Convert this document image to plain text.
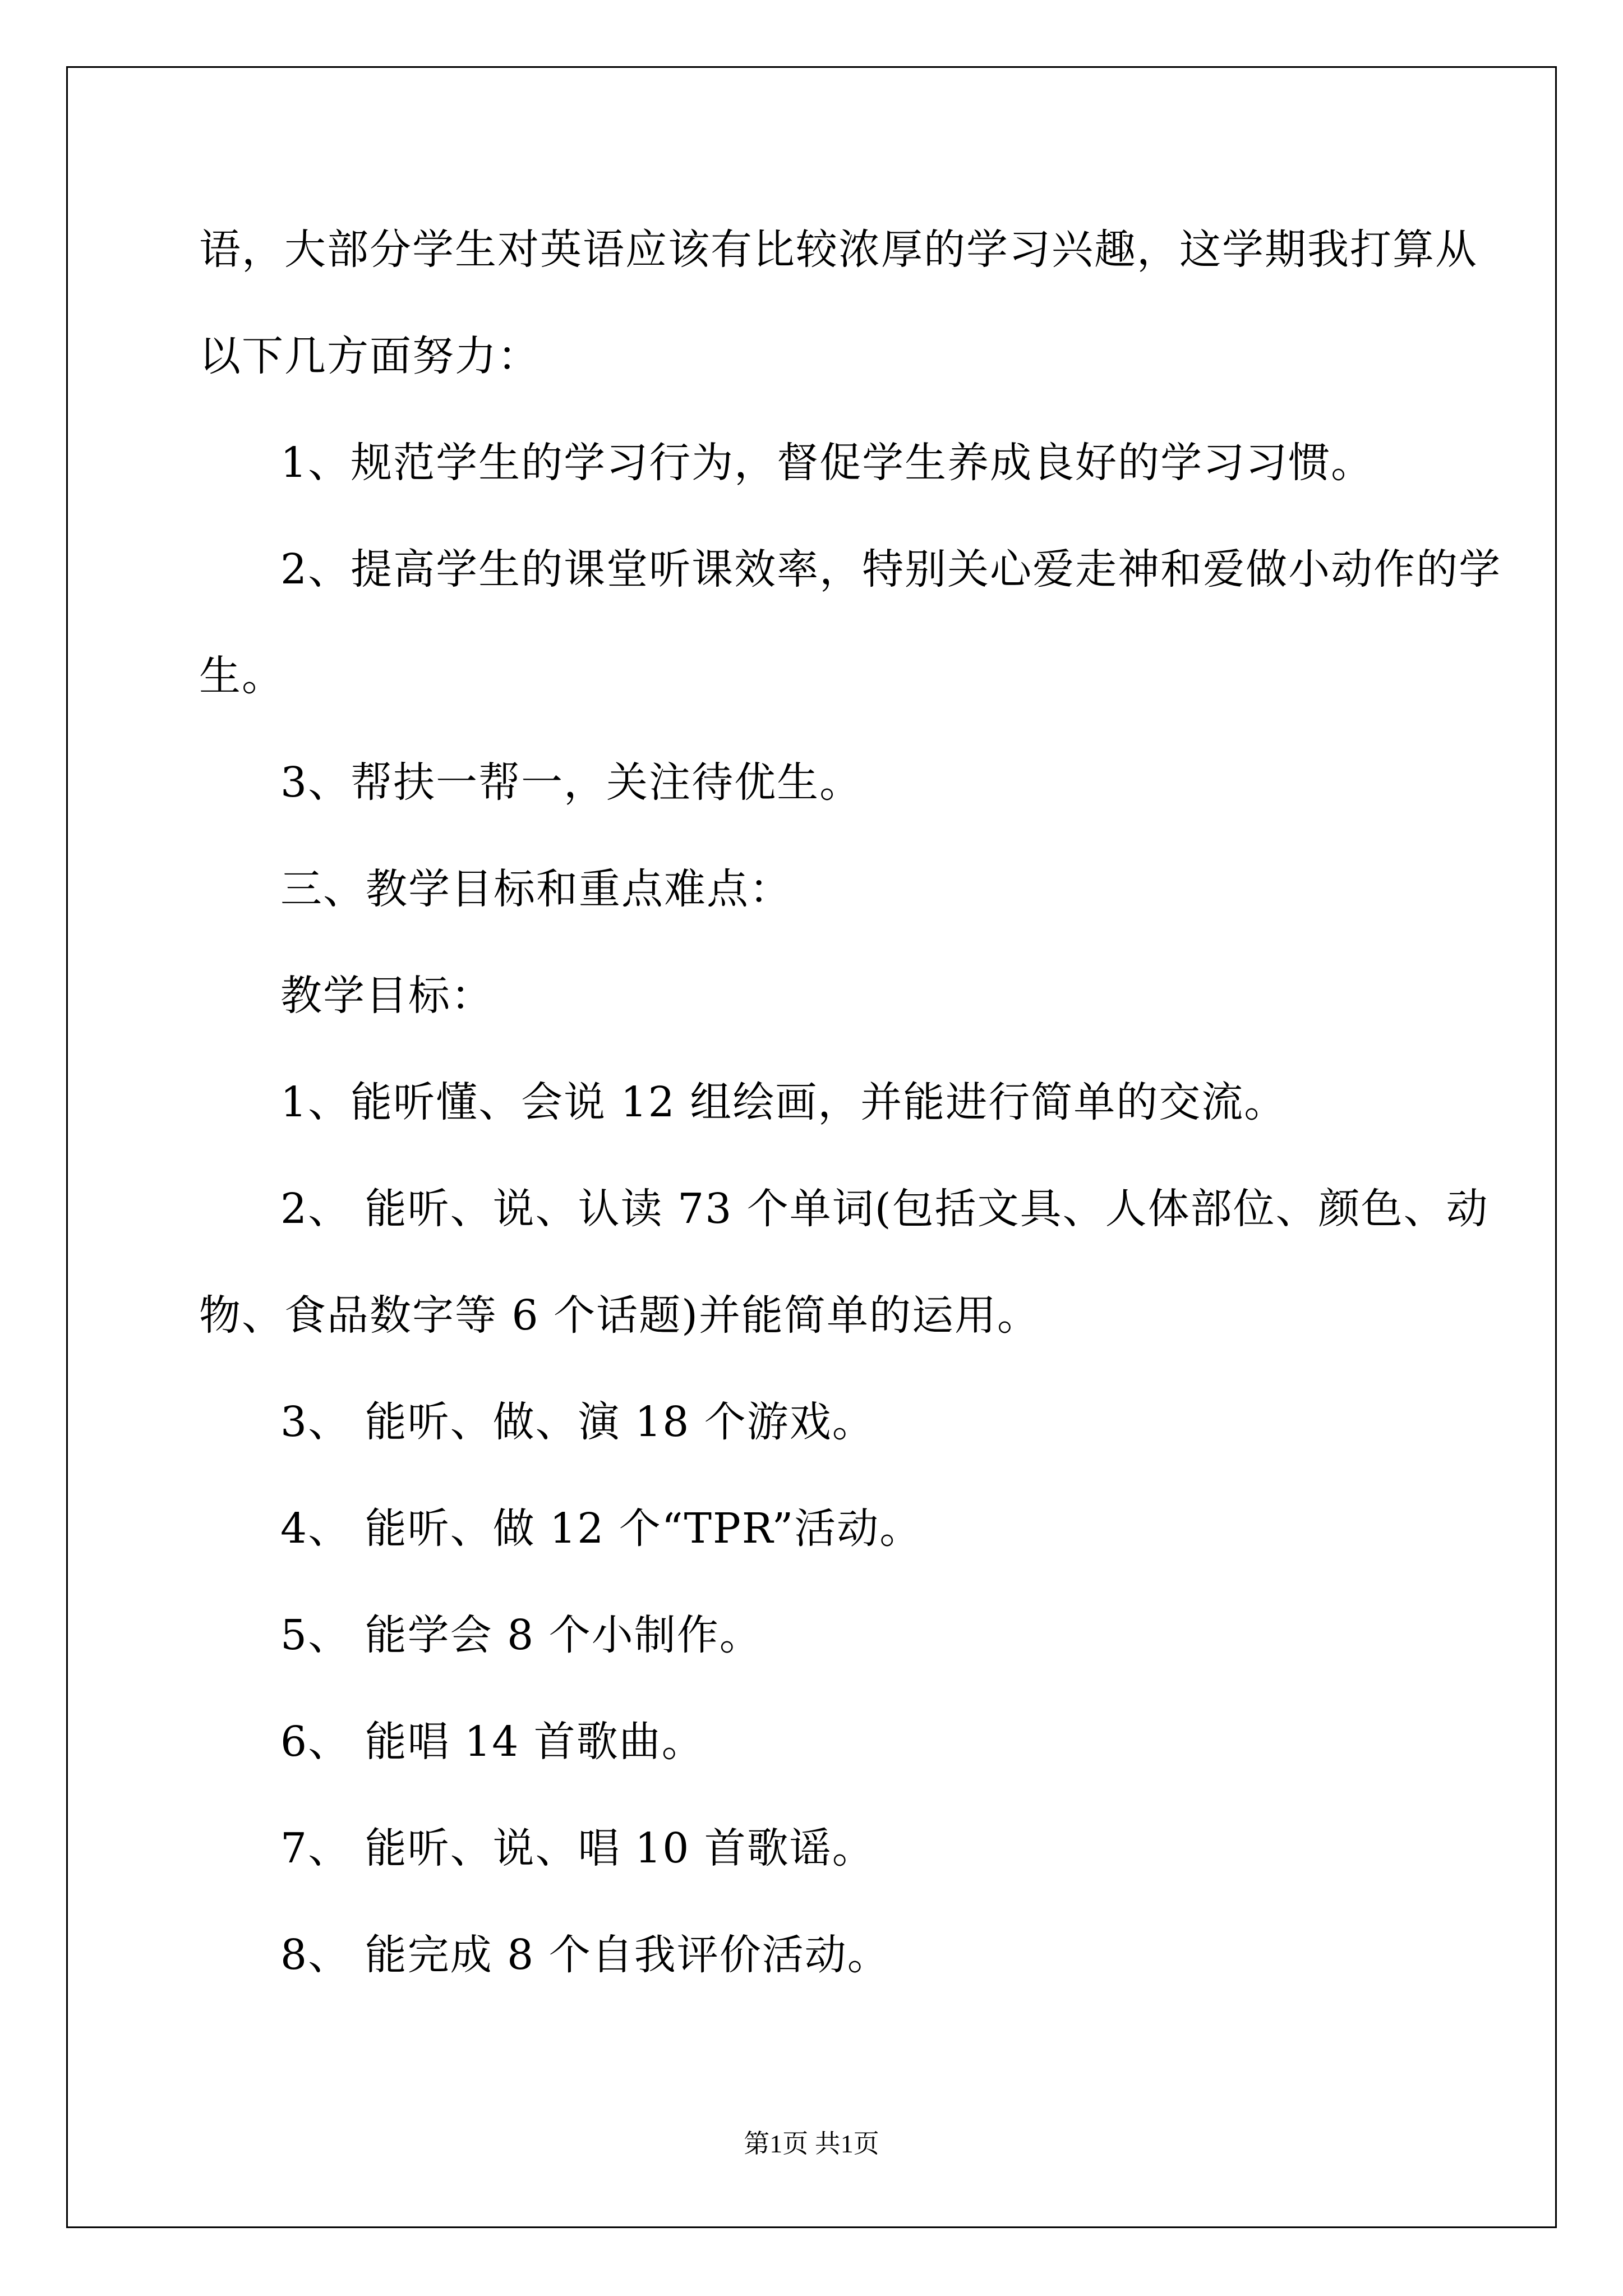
语，大部分学生对英语应该有比较浓厚的学习兴趣，这学期我打算从
以下几方面努力：
1、规范学生的学习行为，督促学生养成良好的学习习惯。
2、提高学生的课堂听课效率，特别关心爱走神和爱做小动作的学
生。
3、帮扶一帮一，关注待优生。
三、教学目标和重点难点：
教学目标：
1、能听懂、会说 12 组绘画，并能进行简单的交流。
2、 能听、说、认读 73 个单词(包括文具、人体部位、颜色、动
物、食品数字等 6 个话题)并能简单的运用。
3、 能听、做、演 18 个游戏。
4、 能听、做 12 个“TPR”活动。
5、 能学会 8 个小制作。
6、 能唱 14 首歌曲。
7、 能听、说、唱 10 首歌谣。
8、 能完成 8 个自我评价活动。
第1页 共1页
